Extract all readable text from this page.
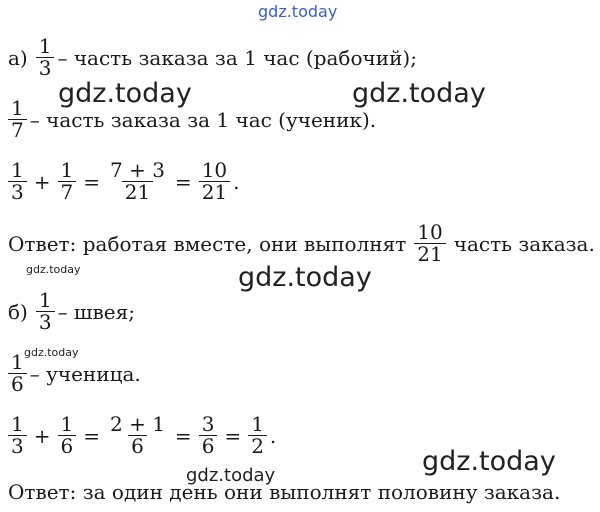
gdz.today
gdz.today	gdz.today
gdz.today	gdz.today
gdz.today
gdz.today
gdz.today
$а) \frac{1}{3}$ – часть заказа за 1 час (рабочий);
$\frac{1}{7}$ – часть заказа за 1 час (ученик).
$\frac{1}{3} + \frac{1}{7} = \frac{7 + 3}{21} = \frac{10}{21}$ .
Ответ: работая вместе, они выполнят $\frac{10}{21}$ часть заказа.
$б) \frac{1}{3}$ – швея;
$\frac{1}{6}$ – ученица.
$\frac{1}{3} + \frac{1}{6} = \frac{2 + 1}{6} = \frac{3}{6} = \frac{1}{2}$ .
Ответ: за один день они выполнят половину заказа.
